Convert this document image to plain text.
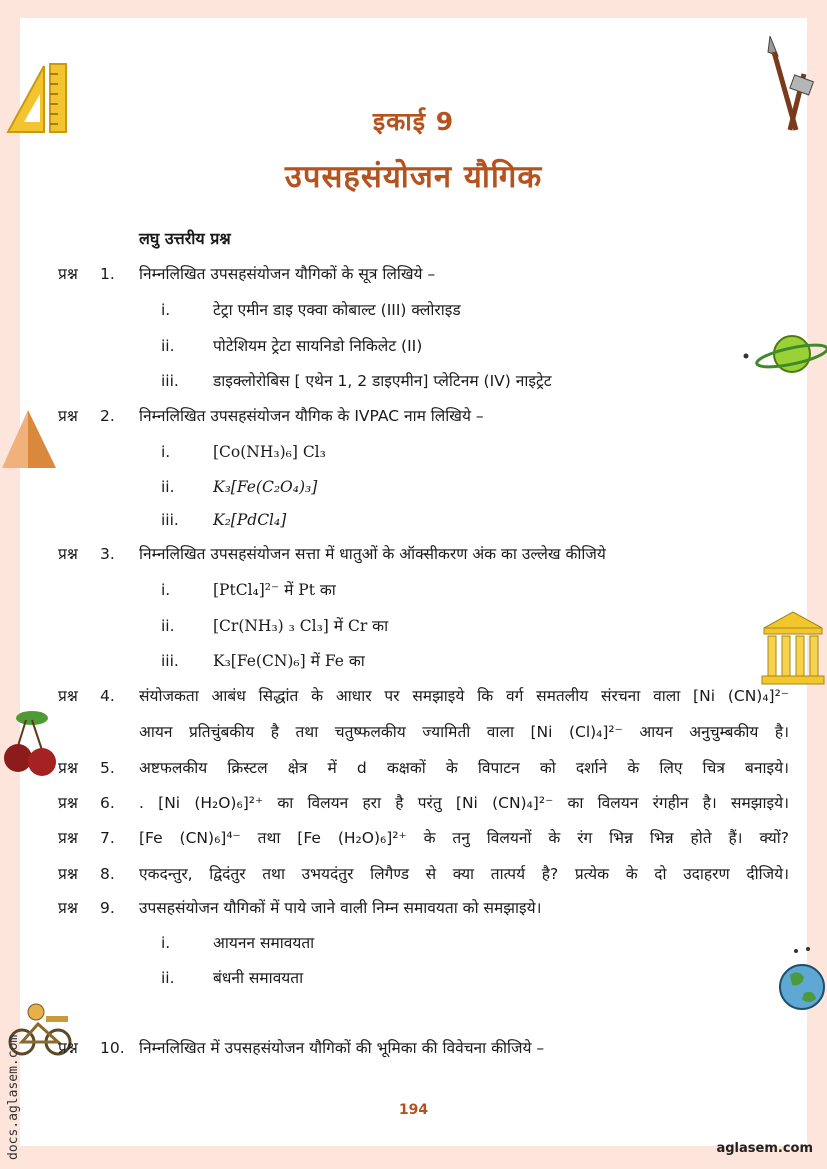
इकाई 9
उपसहसंयोजन यौगिक
लघु उत्तरीय प्रश्न
प्रश्न 1. निम्नलिखित उपसहसंयोजन यौगिकों के सूत्र लिखिये –
i.	टेट्रा एमीन डाइ एक्वा कोबाल्ट (III) क्लोराइड
ii. पोटेशियम ट्रेटा सायनिडो निकिलेट (II)
iii. डाइक्लोरोबिस [ एथेन 1, 2 डाइएमीन] प्लेटिनम (IV) नाइट्रेट
प्रश्न 2. निम्नलिखित उपसहसंयोजन यौगिक के IVPAC नाम लिखिये –
i.	[Co(NH₃)₆] Cl₃
ii. K₃[Fe(C₂O₄)₃]
iii. K₂[PdCl₄]
प्रश्न 3. निम्नलिखित उपसहसंयोजन सत्ता में धातुओं के ऑक्सीकरण अंक का उल्लेख कीजिये
i.	[PtCl₄]²⁻ में Pt का
ii. [Cr(NH₃) ₃ Cl₃] में Cr का
iii. K₃[Fe(CN)₆] में Fe का
प्रश्न 4. संयोजकता आबंध सिद्धांत के आधार पर समझाइये कि वर्ग समतलीय संरचना वाला [Ni (CN)₄]²⁻
आयन प्रतिचुंबकीय है तथा चतुष्फलकीय ज्यामिती वाला [Ni (Cl)₄]²⁻ आयन अनुचुम्बकीय है।
प्रश्न 5. अष्टफलकीय क्रिस्टल क्षेत्र में d कक्षकों के विपाटन को दर्शाने के लिए चित्र बनाइये।
प्रश्न 6. . [Ni (H₂O)₆]²⁺ का विलयन हरा है परंतु [Ni (CN)₄]²⁻ का विलयन रंगहीन है। समझाइये।
प्रश्न 7. [Fe (CN)₆]⁴⁻ तथा [Fe (H₂O)₆]²⁺ के तनु विलयनों के रंग भिन्न भिन्न होते हैं। क्यों?
प्रश्न 8. एकदन्तुर, द्विदंतुर तथा उभयदंतुर लिगैण्ड से क्या तात्पर्य है? प्रत्येक के दो उदाहरण दीजिये।
प्रश्न 9. उपसहसंयोजन यौगिकों में पाये जाने वाली निम्न समावयता को समझाइये।
i.	आयनन समावयता
ii. बंधनी समावयता
प्रश्न 10. निम्नलिखित में उपसहसंयोजन यौगिकों की भूमिका की विवेचना कीजिये –
194
aglasem.com
docs.aglasem.com
